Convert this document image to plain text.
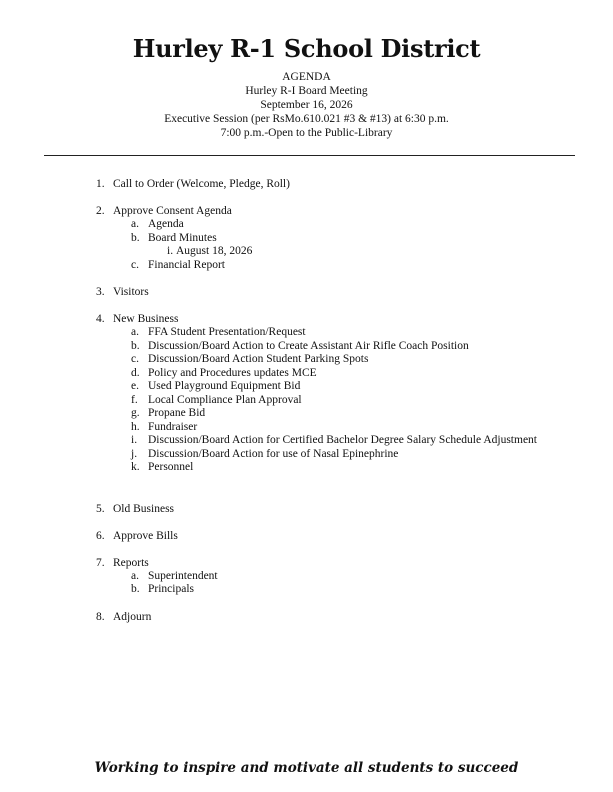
Hurley R-1 School District
AGENDA
Hurley R-I Board Meeting
September 16, 2026
Executive Session (per RsMo.610.021 #3 & #13) at 6:30 p.m.
7:00 p.m.-Open to the Public-Library
1. Call to Order (Welcome, Pledge, Roll)
2. Approve Consent Agenda
a. Agenda
b. Board Minutes
i. August 18, 2026
c. Financial Report
3. Visitors
4. New Business
a. FFA Student Presentation/Request
b. Discussion/Board Action to Create Assistant Air Rifle Coach Position
c. Discussion/Board Action Student Parking Spots
d. Policy and Procedures updates MCE
e. Used Playground Equipment Bid
f. Local Compliance Plan Approval
g. Propane Bid
h. Fundraiser
i. Discussion/Board Action for Certified Bachelor Degree Salary Schedule Adjustment
j. Discussion/Board Action for use of Nasal Epinephrine
k. Personnel
5. Old Business
6. Approve Bills
7. Reports
a. Superintendent
b. Principals
8. Adjourn
Working to inspire and motivate all students to succeed
